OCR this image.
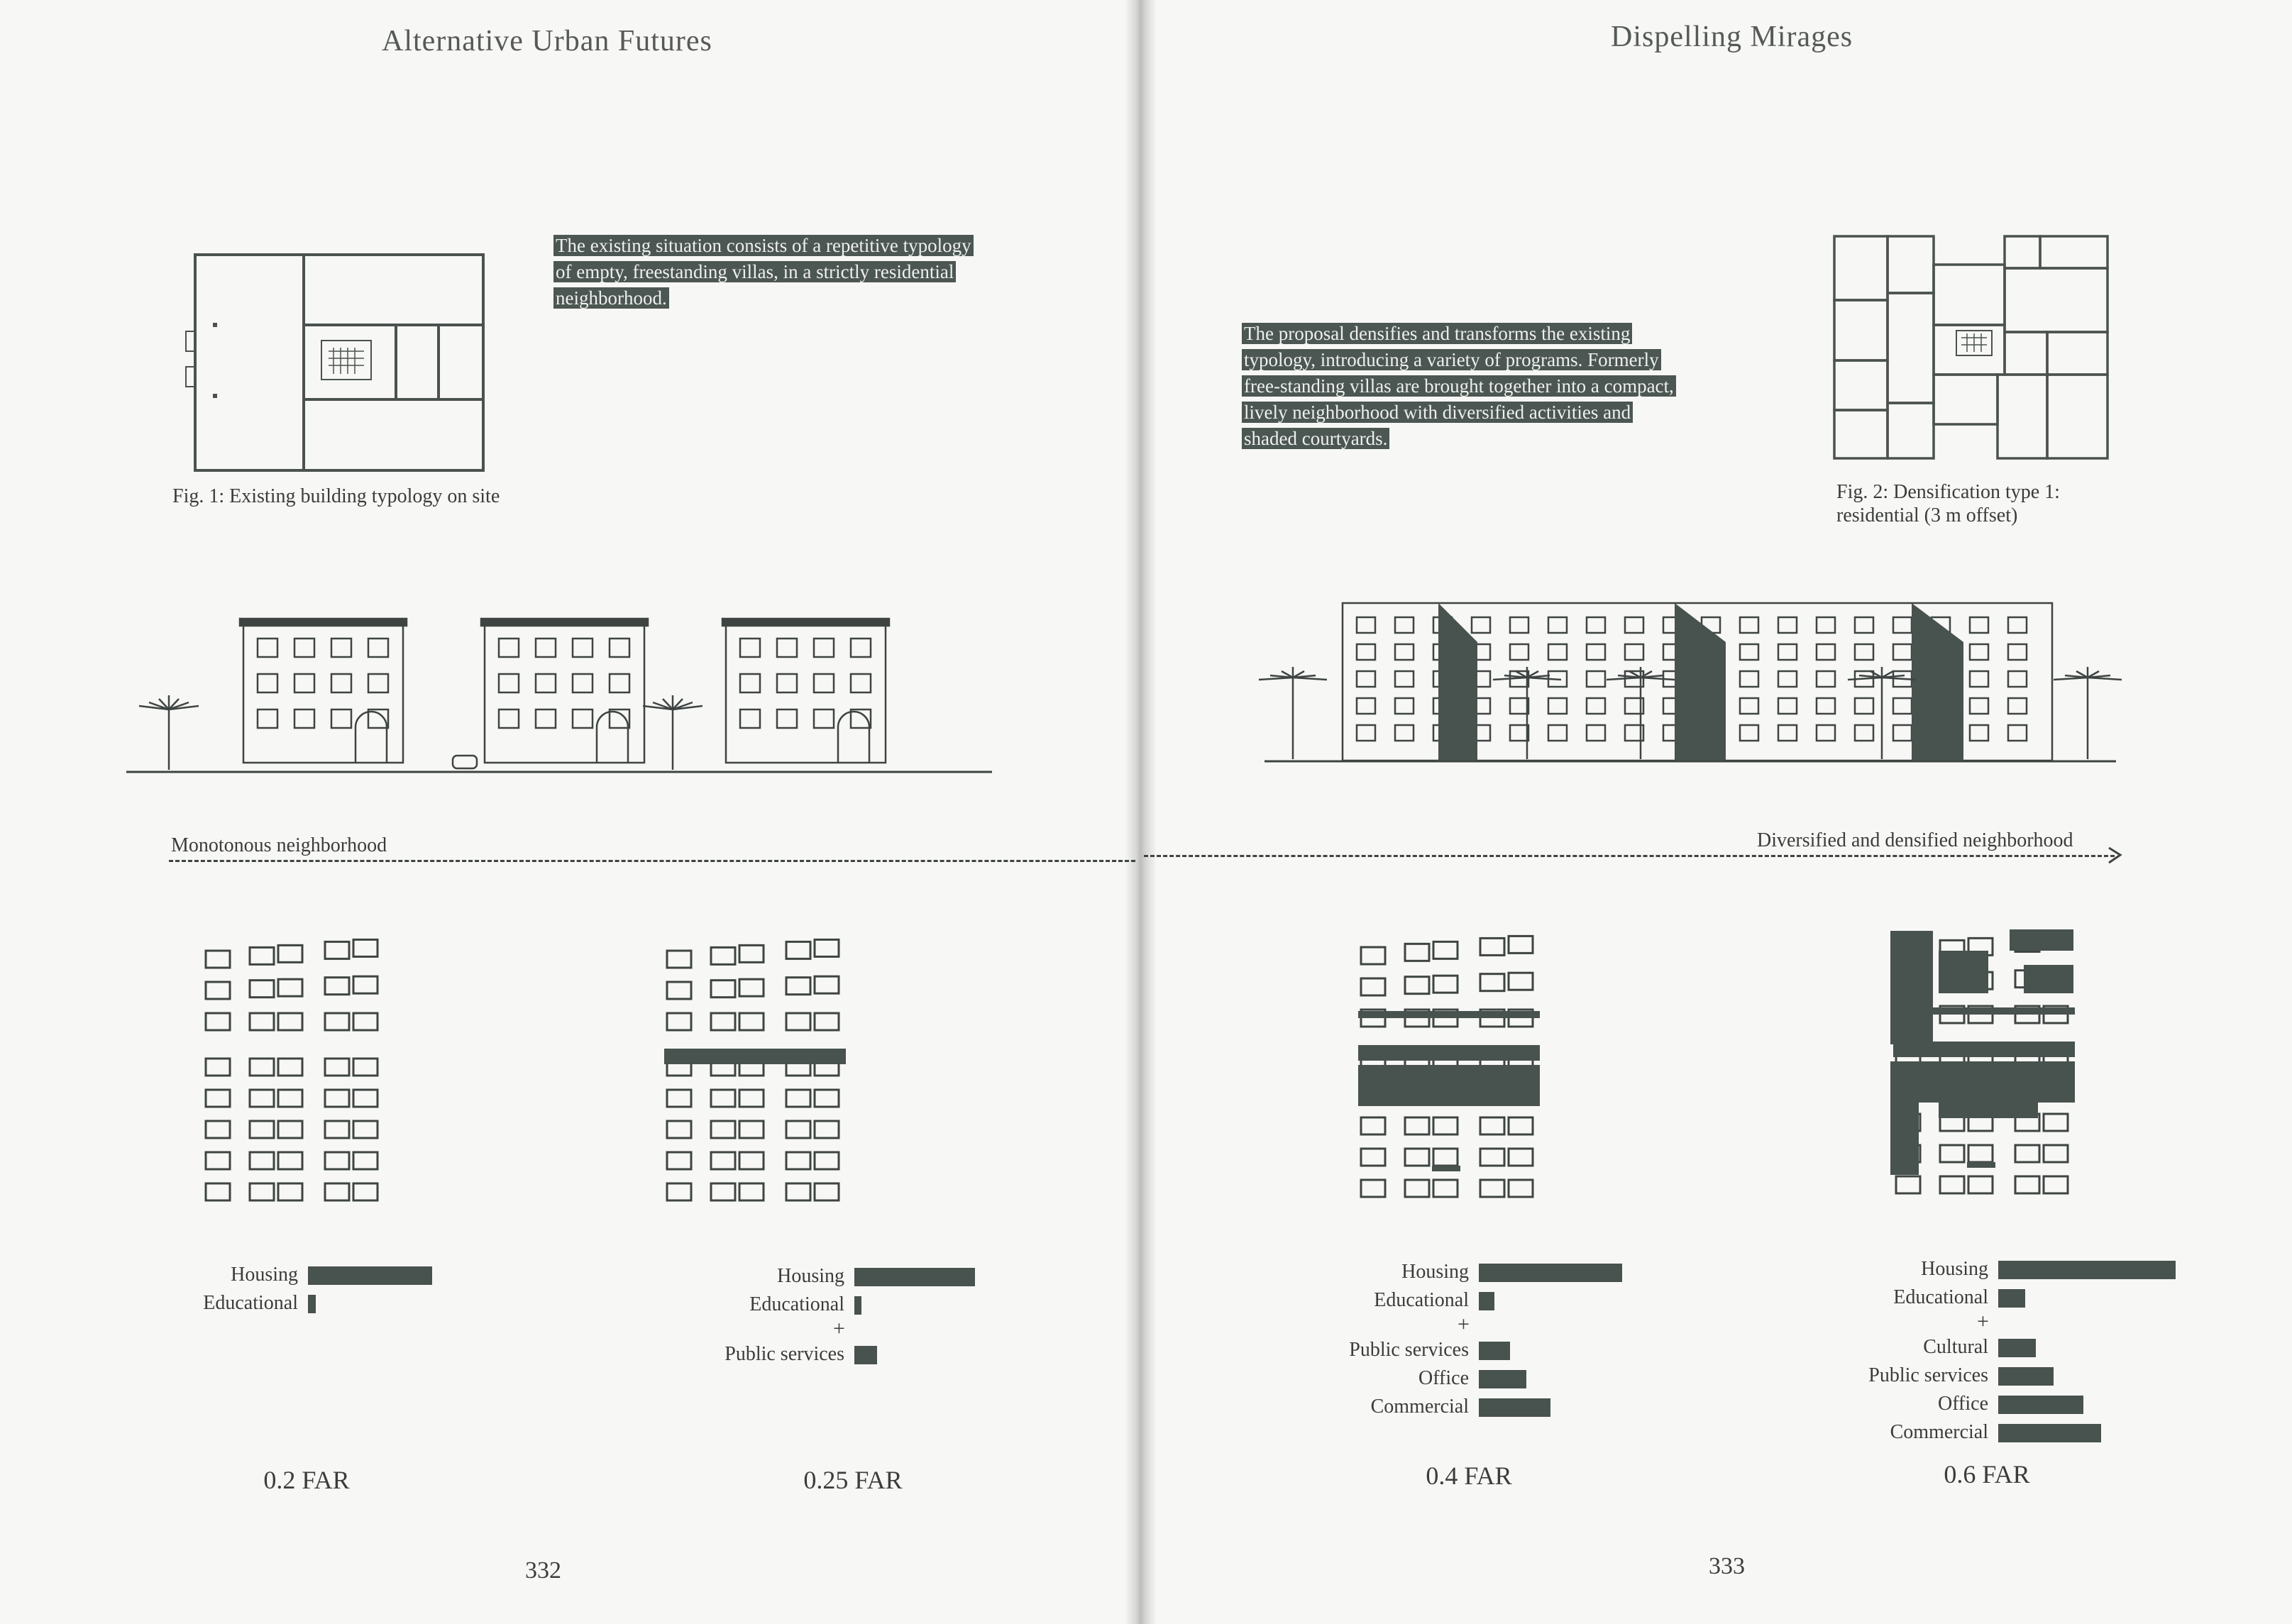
Alternative Urban Futures	Dispelling Mirages
The existing situation consists of a repetitive typology
of empty, freestanding villas, in a strictly residential
neighborhood.
Fig. 1: Existing building typology on site
The proposal densifies and transforms the existing
typology, introducing a variety of programs. Formerly
free-standing villas are brought together into a compact,
lively neighborhood with diversified activities and
shaded courtyards.
Fig. 2: Densification type 1:
residential (3 m offset)
Monotonous neighborhood	Diversified and densified neighborhood
Housing
Educational
Housing
Educational
+
Public services
Housing
Educational
+
Public services
Office
Commercial
Housing
Educational
+
Cultural
Public services
Office
Commercial
0.2 FAR	0.25 FAR	0.4 FAR	0.6 FAR
332	333
